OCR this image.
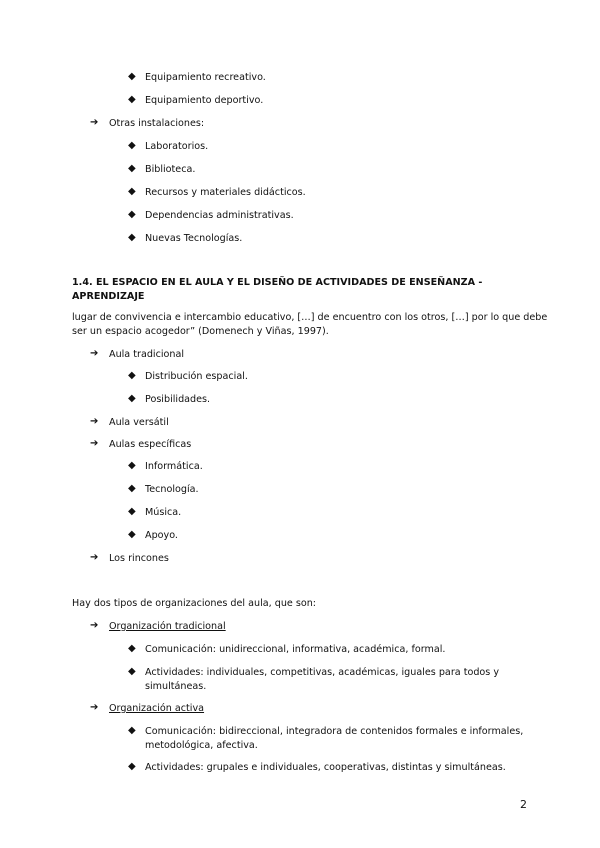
◆ Equipamiento recreativo.
◆ Equipamiento deportivo.
➔ Otras instalaciones:
◆ Laboratorios.
◆ Biblioteca.
◆ Recursos y materiales didácticos.
◆ Dependencias administrativas.
◆ Nuevas Tecnologías.
1.4. EL ESPACIO EN EL AULA Y EL DISEÑO DE ACTIVIDADES DE ENSEÑANZA -
APRENDIZAJE
lugar de convivencia e intercambio educativo, […] de encuentro con los otros, […] por lo que debe
ser un espacio acogedor” (Domenech y Viñas, 1997).
➔ Aula tradicional
◆ Distribución espacial.
◆ Posibilidades.
➔ Aula versátil
➔ Aulas específicas
◆ Informática.
◆ Tecnología.
◆ Música.
◆ Apoyo.
➔ Los rincones
Hay dos tipos de organizaciones del aula, que son:
➔ Organización tradicional
◆ Comunicación: unidireccional, informativa, académica, formal.
◆ Actividades: individuales, competitivas, académicas, iguales para todos y
simultáneas.
➔ Organización activa
◆ Comunicación: bidireccional, integradora de contenidos formales e informales,
metodológica, afectiva.
◆ Actividades: grupales e individuales, cooperativas, distintas y simultáneas.
2
